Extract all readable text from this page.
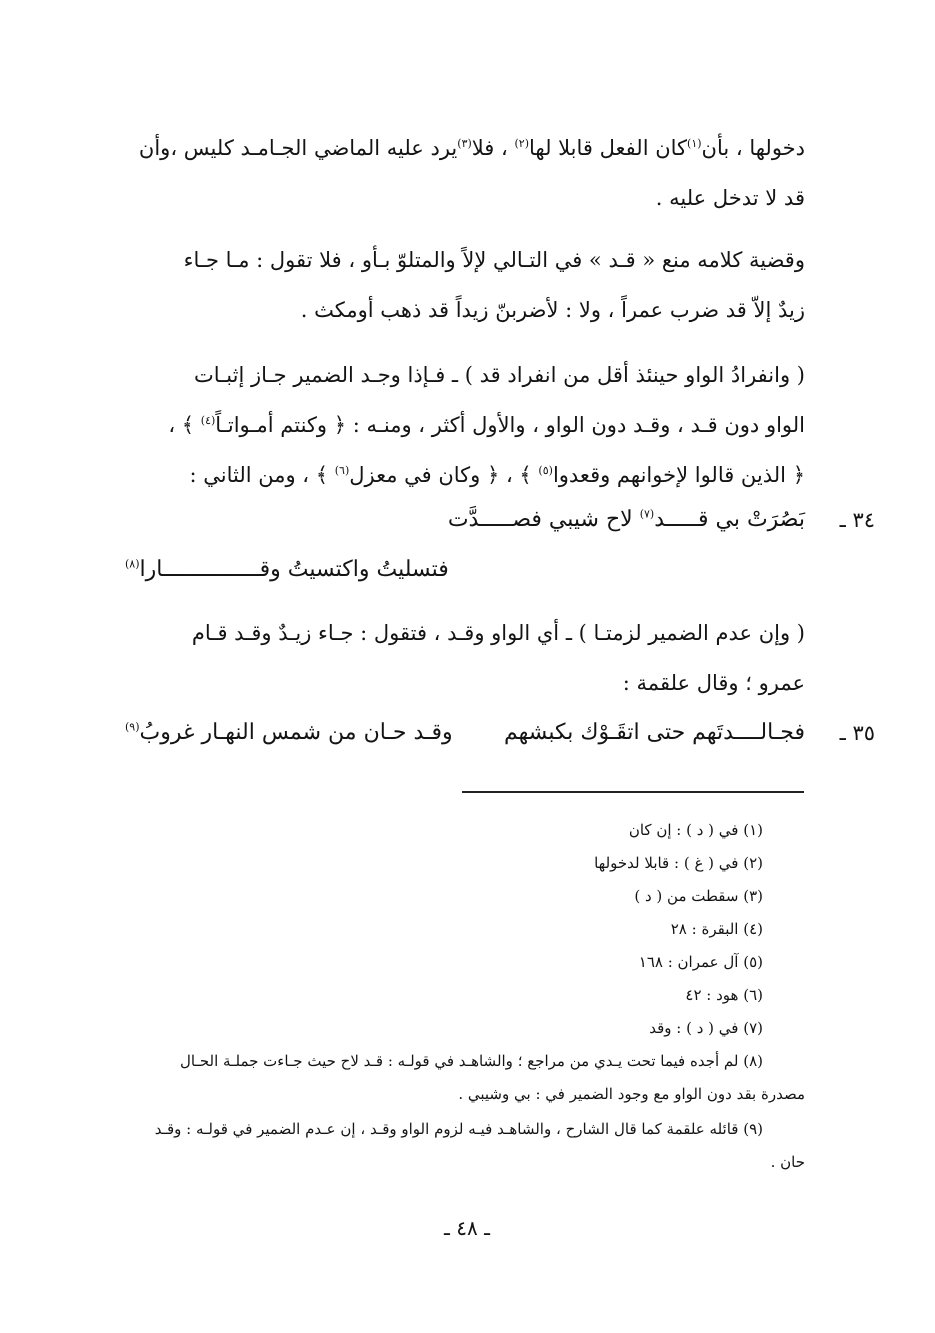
دخولها ، بأن$^{(١)}$كان الفعل قابلا لها$^{(٢)}$ ، فلا$^{(٣)}$يرد عليه الماضي الجـامـد كليس ،وأن
قد لا تدخل عليه .
وقضية كلامه منع « قـد » في التـالي لإلاً والمتلوّ بـأو ، فلا تقول : مـا جـاء
زيدٌ إلاّ قد ضرب عمراً ، ولا : لأضربنّ زيداً قد ذهب أومكث .
( وانفرادُ الواو حينئذ أقل من انفراد قد ) ـ فـإذا وجـد الضمير جـاز إثبـات
الواو دون قـد ، وقـد دون الواو ، والأول أكثر ، ومنـه : ﴿ وكنتم أمـواتـاً$^{(٤)}$ ﴾ ،
﴿ الذين قالوا لإخوانهم وقعدوا$^{(٥)}$ ﴾ ، ﴿ وكان في معزل$^{(٦)}$ ﴾ ، ومن الثاني :
٣٤ ـ
بَصُرَتْ بي قـــــد$^{(٧)}$ لاح شيبي فصـــــدَّت
فتسليتُ واكتسيتُ وقـــــــــــــــارا$^{(٨)}$
( وإن عدم الضمير لزمتـا ) ـ أي الواو وقـد ، فتقول : جـاء زيـدٌ وقـد قـام
عمرو ؛ وقال علقمة :
٣٥ ـ
فجـالــــدتَهم حتى اتقَـوْك بكبشهم
وقـد حـان من شمس النهـار غروبُ$^{(٩)}$
(١) في ( د ) : إن كان
(٢) في ( غ ) : قابلا لدخولها
(٣) سقطت من ( د )
(٤) البقرة : ٢٨
(٥) آل عمران : ١٦٨
(٦) هود : ٤٢
(٧) في ( د ) : وقد
(٨) لم أجده فيما تحت يـدي من مراجع ؛ والشاهـد في قولـه : قـد لاح حيث جـاءت جملـة الحـال
مصدرة بقد دون الواو مع وجود الضمير في : بي وشيبي .
(٩) قائله علقمة كما قال الشارح ، والشاهـد فيـه لزوم الواو وقـد ، إن عـدم الضمير في قولـه : وقـد
حان .
ـ ٤٨ ـ
